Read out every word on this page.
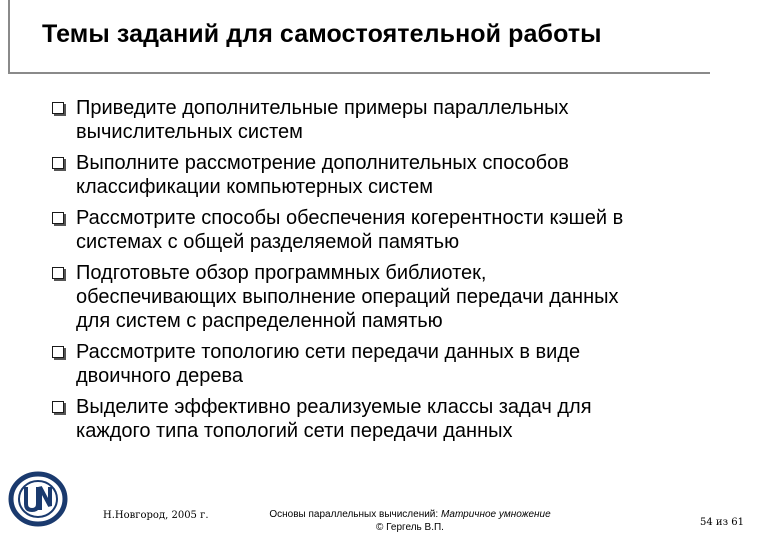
Темы заданий для самостоятельной работы
Приведите дополнительные примеры параллельных
вычислительных систем
Выполните рассмотрение дополнительных способов
классификации компьютерных систем
Рассмотрите способы обеспечения когерентности кэшей в
системах с общей разделяемой памятью
Подготовьте обзор программных библиотек,
обеспечивающих выполнение операций передачи данных
для систем с распределенной памятью
Рассмотрите топологию сети передачи данных в виде
двоичного дерева
Выделите эффективно реализуемые классы задач для
каждого типа топологий сети передачи данных
Н.Новгород, 2005 г.	Основы параллельных вычислений: Матричное умножение
© Гергель В.П.	54 из 61
